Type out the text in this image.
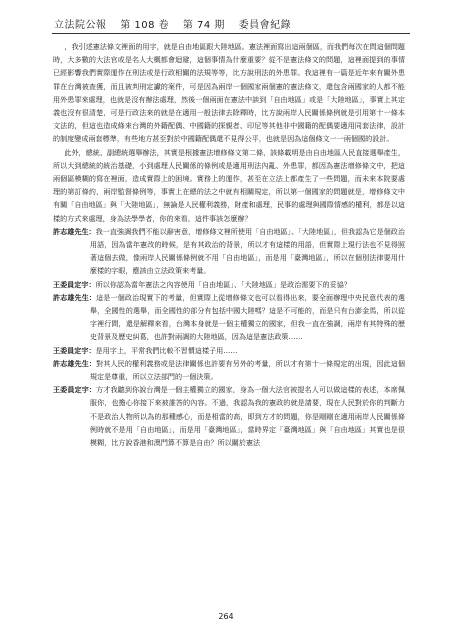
立法院公報 第 108 卷 第 74 期 委員會紀錄

，我引述憲法條文裡面的用字，就是自由地區跟大陸地區。憲法裡面寫出這兩個區，而我們每次在問這個問題時，大多數的大法官或是名人大概都會迴避，這個事情為什麼重要？從不是憲法條文的問題，這裡面提到的事情已經影響我們實際運作在刑法或是行政相關的法規等等，比方說刑法的外患罪。我這裡有一篇是近年來有關外患罪在台灣被查獲，而且被判刑定讞的案件，可是因為兩岸一個國家兩個憲的憲法條文，還包含兩國家的人都不能用外患罪來處理，也就是沒有辦法處理，然後一個兩面在憲法中談到「自由地區」或是「大陸地區」，事實上其定義也沒有很清楚，可是行政法來的就是在適用一般法律去除釋時，比方說兩岸人民關係條例就是引用第十一條本文法的，但這也造成條來台灣的外籍配偶、中國籍的探親者、印尼等其他非中國籍的配偶要適用同套法律，設計的制度變成兩套標準，有些地方甚至對於中國籍配偶還不見得公平，也就是因為這個條文一一兩個國的設計。

此外，總統、副總統選舉辦法，其實是根據憲法增修條文第二條，該條載明是由自由地區人民直接選舉產生，所以大到總統的統治基礎，小到處理人民關係的條例或是適用刑法內亂、外患罪，都因為憲法增修條文中，把這兩個區模糊的寫在裡面，造成實際上的困境。實務上的運作，甚至在立法上都產生了一些問題，而未來本院要處理的第訂條約，兩岸監督條例等，事實上在總的法之中就有相關規定，所以第一個國家的問題就是，增修條文中有關「自由地區」與「大陸地區」，無論是人民權利義務，財產和處理，民事的處理與國際情感的權利，都是以這樣的方式來處理，身為法學學者，你的來看，這件事該怎麼辦？

許志雄先生：我一直強調我們不能以辭害意，增修條文裡所使用「自由地區」、「大陸地區」，但我認為它是個政治用語，因為當年憲改的時候，是有其政治的背景，所以才有這樣的用語，但實際上現行法也不見得照著這個去做，像兩岸人民關係條例就不用「自由地區」，而是用「臺灣地區」，所以在個別法律要用什麼樣的字眼，應該由立法政策來考量。

王委員定宇：所以你認為當年憲法之內容使用「自由地區」、「大陸地區」是政治需要下的妥協？

許志雄先生：這是一個政治現實下的考量，但實際上從增修條文也可以看得出來，要全面辦理中央民意代表的選舉，全國性的選舉，而全國性的部分有包括中國大陸嗎？這是不可能的，而是只有台澎金馬，所以從字裡行間，還是解釋來看，台灣本身就是一個主權獨立的國家，但我一直在強調，兩岸有其特殊的歷史背景及歷史糾葛，也許對兩調的大陸地區，因為這是憲法政策……

王委員定宇：是用字上，平常我們比較不習慣這樣子用……

許志雄先生：對其人民的權利義務或是法律關係也許要有另外的考量，所以才有第十一條規定的出現，因此這個規定是尊重，所以立法部門的一個決策。

王委員定宇：方才我聽到你說台灣是一個主權獨立的國家，身為一個大法官被提名人可以做這樣的表述，本席佩服你，也擔心你接下來被誰答的內容。不過，我認為我的憲政的就是請要，現在人民對於你的判斷力不是政治人物所以為的那種感心，而是相當的高，即到方才的問題，你是剛剛在適用兩岸人民關係條例時就不是用「自由地區」，而是用「臺灣地區」，當時界定「臺灣地區」與「自由地區」其實也是很模糊，比方說香港和澳門算不算是自由？所以關於憲法

264
